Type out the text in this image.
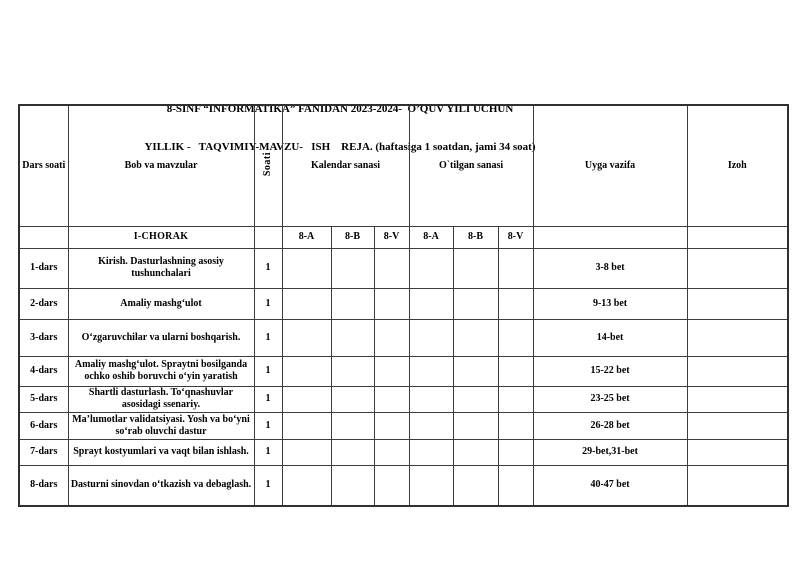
8-SINF “INFORMATIKA” FANIDAN 2023-2024-  O’QUV YILI UCHUN

YILLIK -   TAQVIMIY-MAVZU-   ISH    REJA. (haftasiga 1 soatdan, jami 34 soat)

Dars soati	Bob va mavzular	Soati	Kalendar sanasi			O`tilgan sanasi			Uyga vazifa	Izoh
	I-CHORAK		8-A	8-B	8-V	8-A	8-B	8-V		
1-dars	Kirish. Dasturlashning asosiy tushunchalari	1							3-8 bet	
2-dars	Amaliy mashg‘ulot	1							9-13 bet	
3-dars	O‘zgaruvchilar va ularni boshqarish.	1							14-bet	
4-dars	Amaliy mashg‘ulot. Spraytni bosilganda ochko oshib boruvchi o‘yin yaratish	1							15-22 bet	
5-dars	Shartli dasturlash. To‘qnashuvlar asosidagi ssenariy.	1							23-25 bet	
6-dars	Ma’lumotlar validatsiyasi. Yosh va bo‘yni so‘rab oluvchi dastur	1							26-28 bet	
7-dars	Sprayt kostyumlari va vaqt bilan ishlash.	1							29-bet,31-bet	
8-dars	Dasturni sinovdan o‘tkazish va debaglash.	1							40-47 bet	
